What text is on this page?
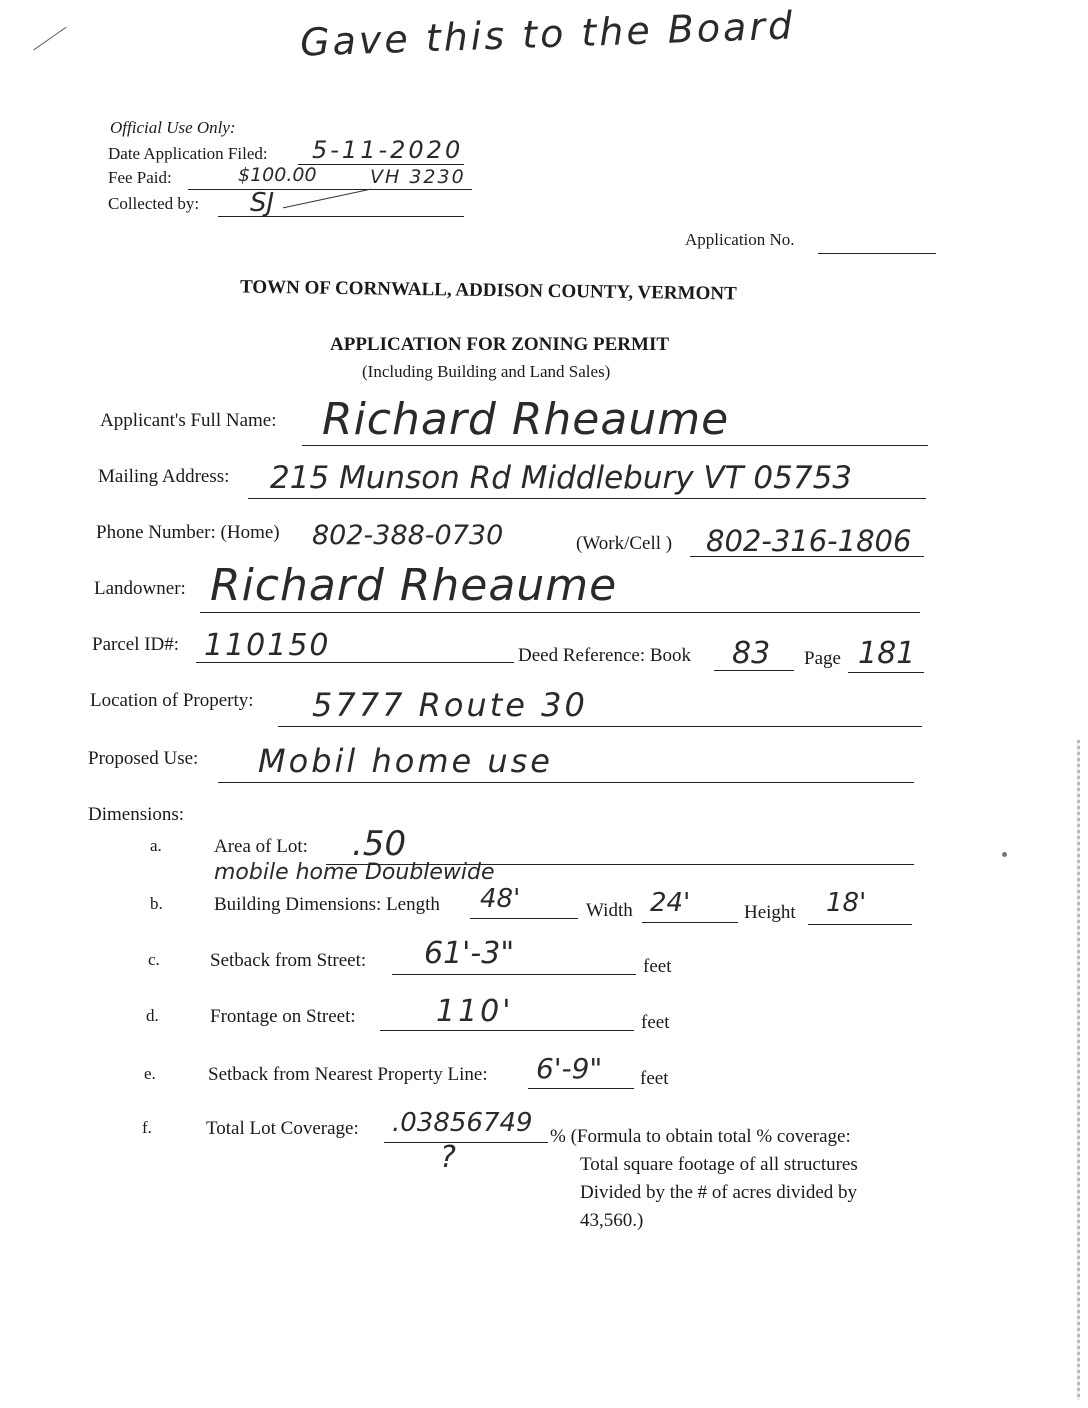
Gave this to the Board
Official Use Only:
Date Application Filed: 5-11-2020
Fee Paid:	$100.00	VH 3230
Collected by: SJ
Application No.
TOWN OF CORNWALL, ADDISON COUNTY, VERMONT
APPLICATION FOR ZONING PERMIT
(Including Building and Land Sales)
Applicant's Full Name: Richard Rheaume
Mailing Address: 215 Munson Rd Middlebury VT 05753
Phone Number: (Home) 802-388-0730	(Work/Cell ) 802-316-1806
Landowner: Richard Rheaume
Parcel ID#: 110150	Deed Reference: Book 83 Page 181
Location of Property: 5777 Route 30
Proposed Use: Mobil home use
Dimensions:
a.	Area of Lot: .50
mobile home Doublewide
b.	Building Dimensions: Length 48'	Width 24'	Height 18'
c.	Setback from Street: 61'-3"	feet
d.	Frontage on Street:	110'	feet
e.	Setback from Nearest Property Line: 6'-9" feet
f.	Total Lot Coverage: .03856749
?
% (Formula to obtain total % coverage:
Total square footage of all structures
Divided by the # of acres divided by
43,560.)
